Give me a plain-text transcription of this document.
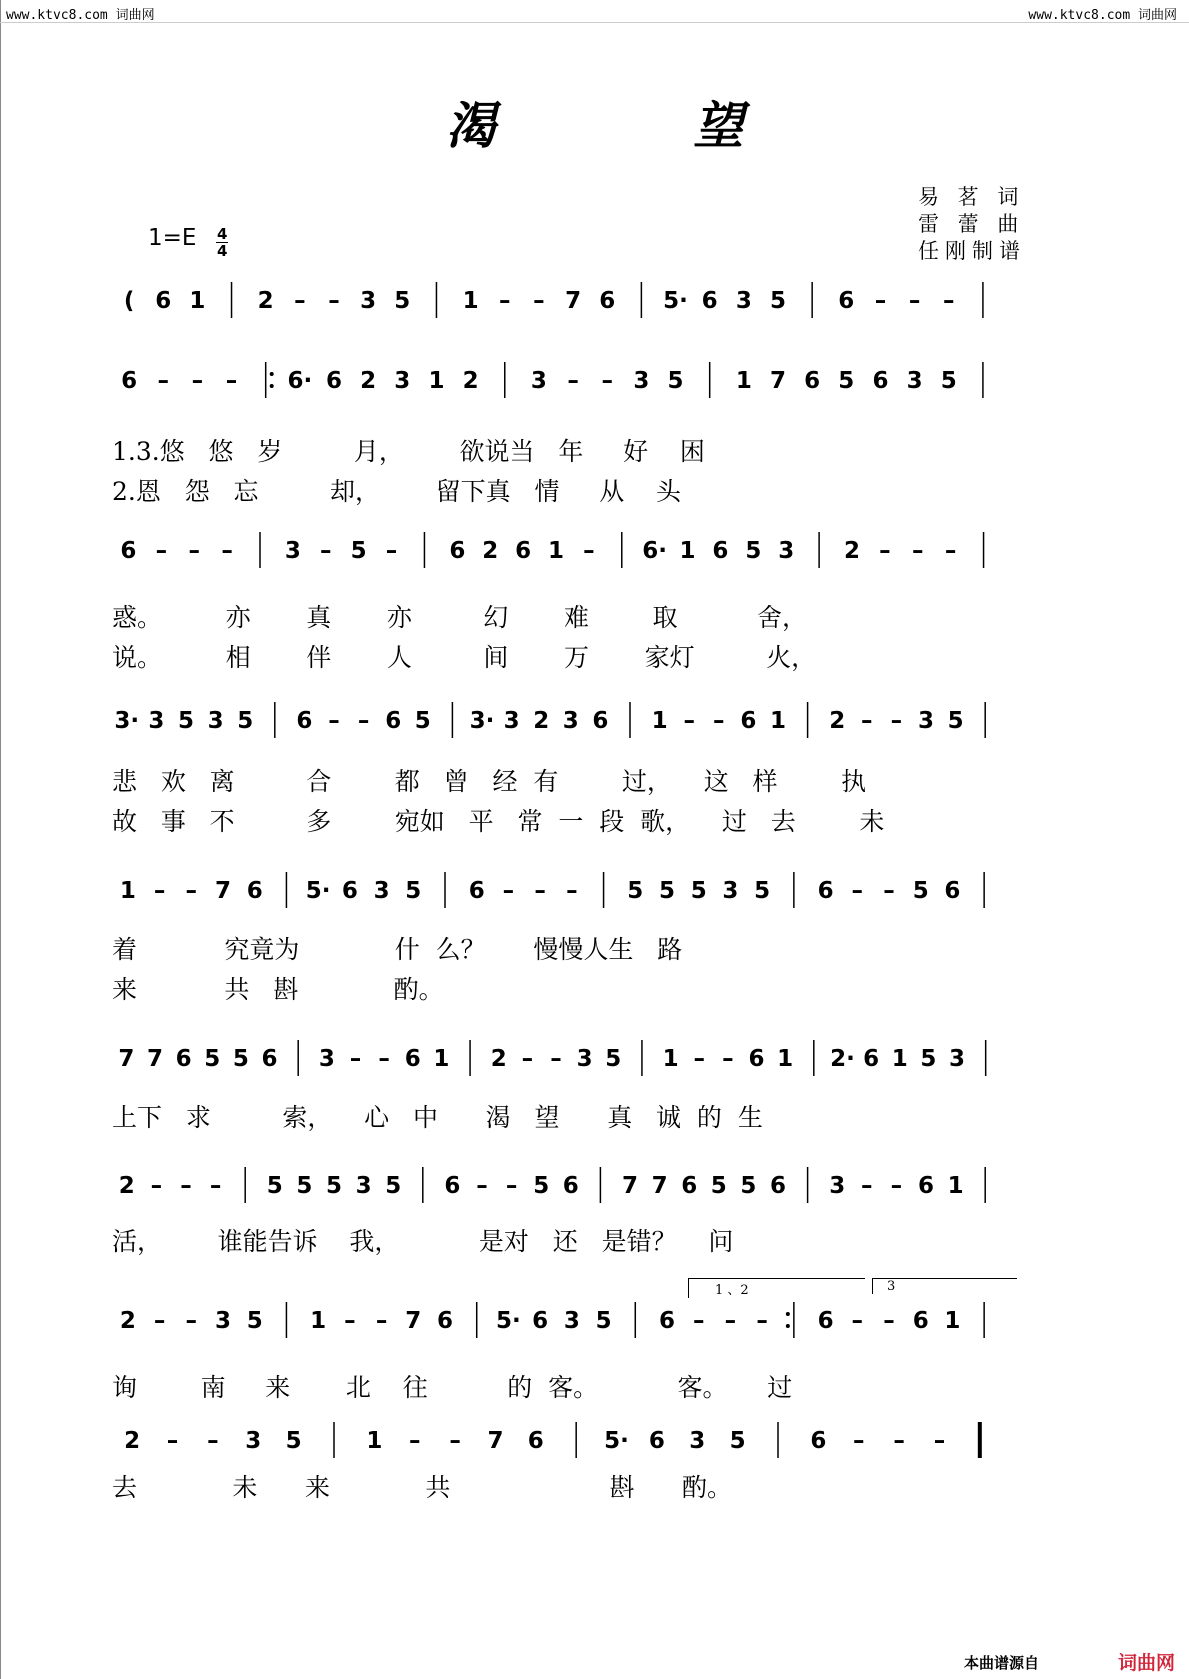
www.ktvc8.com 词曲网	www.ktvc8.com 词曲网
渴 望
易 茗 词
雷 蕾 曲
任刚制谱
1=E 4
4
( 6 1 2 – – 3 5 1 – – 7 6 5· 6 3 5 6 – – –
6 – – – 6· 6 2 3 1 2 3 – – 3 5 1 7 6 5 6 3 5
1.3.悠   悠   岁         月，       欲说当   年     好    困
2.恩   怨   忘         却，       留下真   情     从    头
6 – – – 3 – 5 – 6 2 6 1 – 6· 1 6 5 3 2 – – –
惑。        亦       真       亦         幻       难        取          舍，
说。        相       伴       人         间       万       家灯         火，
3· 3 5 3 5 6 – – 6 5 3· 3 2 3 6 1 – – 6 1 2 – – 3 5
悲   欢   离         合        都   曾   经  有        过，    这   样        执
故   事   不         多        宛如   平   常  一  段  歌，    过   去        未
1 – – 7 6 5· 6 3 5 6 – – – 5 5 5 3 5 6 – – 5 6
着           究竟为            什  么？      慢慢人生   路
来           共   斟            酌。
7 7 6 5 5 6 3 – – 6 1 2 – – 3 5 1 – – 6 1 2· 6 1 5 3
上下   求         索，    心   中      渴   望      真   诚  的  生
2 – – – 5 5 5 3 5 6 – – 5 6 7 7 6 5 5 6 3 – – 6 1
活，       谁能告诉    我，          是对   还   是错？    问
2 – – 3 5 1 – – 7 6 5· 6 3 5 6 – – – 6 – – 6 1
1 、2	3
询        南     来       北    往          的  客。          客。     过
2 – – 3 5	1 – – 7 6	5· 6 3 5	6 – – –
去            未      来            共                    斟      酌。
本曲谱源自	词曲网
